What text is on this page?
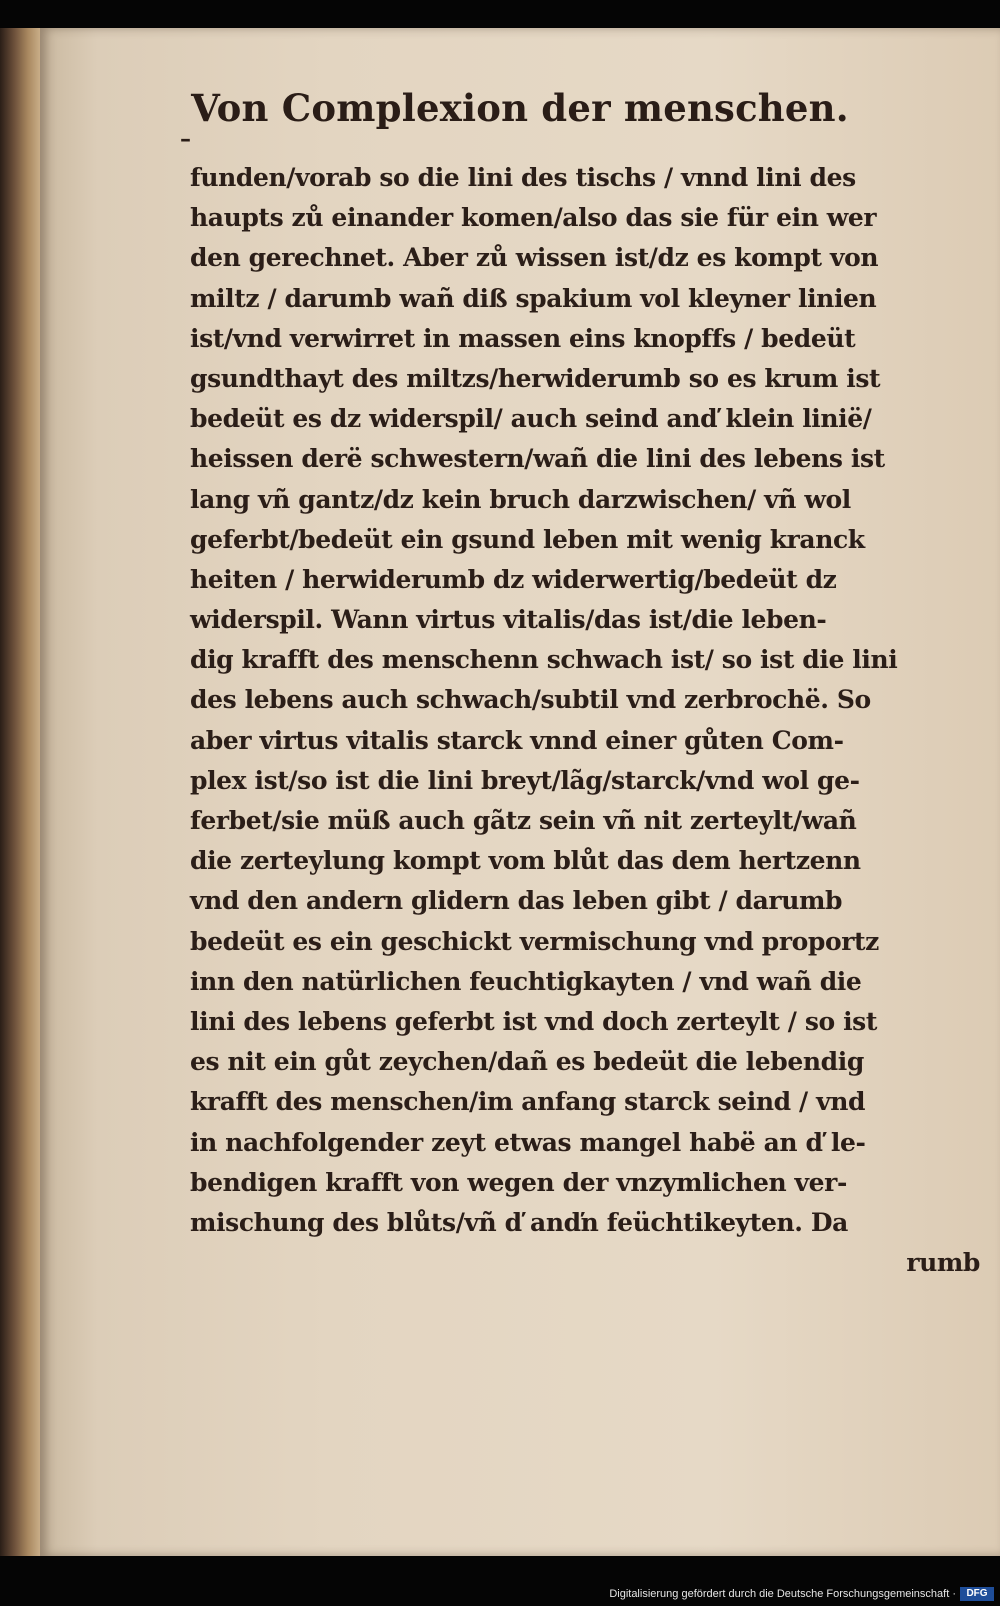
Von Complexion der menschen.
–
funden/vorab so die lini des tischs / vnnd lini des
haupts zů einander komen/also das sie für ein wer
den gerechnet. Aber zů wissen ist/dz es kompt von
miltz / darumb wañ diß spakium vol kleyner linien
ist/vnd verwirret in massen eins knopffs / bedeüt
gsundthayt des miltzs/herwiderumb so es krum ist
bedeüt es dz widerspil/ auch seind anď klein linië/
heissen derë schwestern/wañ die lini des lebens ist
lang vñ gantz/dz kein bruch darzwischen/ vñ wol
geferbt/bedeüt ein gsund leben mit wenig kranck
heiten / herwiderumb dz widerwertig/bedeüt dz
widerspil. Wann virtus vitalis/das ist/die leben-
dig krafft des menschenn schwach ist/ so ist die lini
des lebens auch schwach/subtil vnd zerbrochë. So
aber virtus vitalis starck vnnd einer gůten Com-
plex ist/so ist die lini breyt/lãg/starck/vnd wol ge-
ferbet/sie müß auch gãtz sein vñ nit zerteylt/wañ
die zerteylung kompt vom blůt das dem hertzenn
vnd den andern glidern das leben gibt / darumb
bedeüt es ein geschickt vermischung vnd proportz
inn den natürlichen feuchtigkayten / vnd wañ die
lini des lebens geferbt ist vnd doch zerteylt / so ist
es nit ein gůt zeychen/dañ es bedeüt die lebendig
krafft des menschen/im anfang starck seind / vnd
in nachfolgender zeyt etwas mangel habë an ď le-
bendigen krafft von wegen der vnzymlichen ver-
mischung des blůts/vñ ď anďn feüchtikeyten. Da
rumb
Digitalisierung gefördert durch die Deutsche Forschungsgemeinschaft ·	DFG
